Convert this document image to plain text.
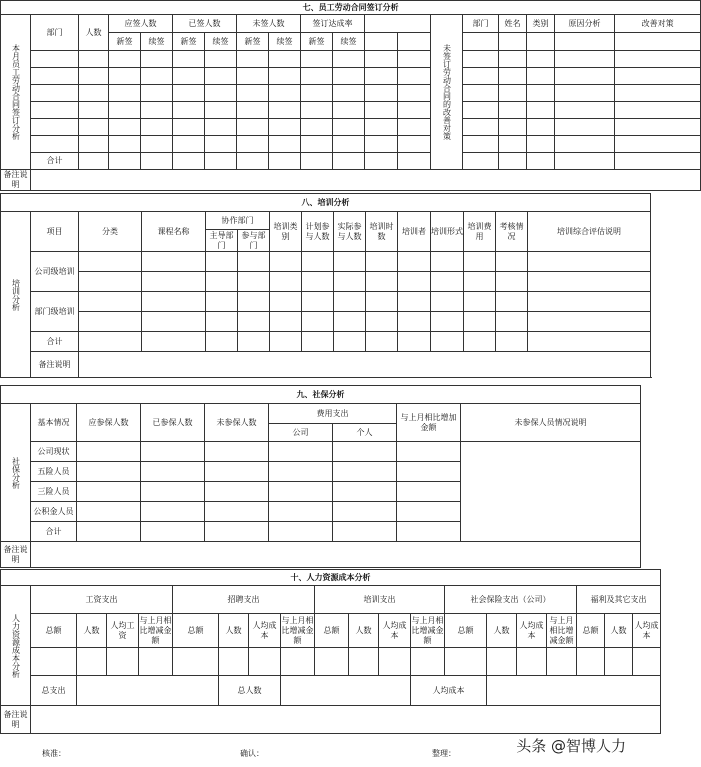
七、员工劳动合同签订分析																		
本月员工劳动合同签订分析	部门	人数	应签人数		已签人数		未签人数		签订达成率				未签订劳动合同的改善对策	部门	姓名	类别	原因分析	改善对策
			新签	续签	新签	续签	新签	续签	新签	续签								

	合计																	
备注说明																		
八、培训分析														
培训分析	项目	分类	课程名称	协作部门		培训类别	计划参与人数	实际参与人数	培训时数	培训者	培训形式	培训费用	考核情况	培训综合评估说明
				主导部门	参与部门									
	公司级培训													

	部门级培训													

	合计													
	备注说明													
九、社保分析								
社保分析	基本情况	应参保人数	已参保人数	未参保人数	费用支出		与上月相比增加金额	未参保人员情况说明
					公司	个人		
	公司现状							
	五险人员							
	三险人员							
	公积金人员							
	合计							
备注说明								
十、人力资源成本分析																			
人力资源成本分析	工资支出				招聘支出				培训支出				社会保险支出（公司）				福利及其它支出		
	总额	人数	人均工资	与上月相比增减金额	总额	人数	人均成本	与上月相比增减金额	总额	人数	人均成本	与上月相比增减金额	总额	人数	人均成本	与上月相比增减金额	总额	人数	人均成本

	总支出					总人数						人均成本							
备注说明																			
核准：	确认：	整理：	头条 @智博人力
